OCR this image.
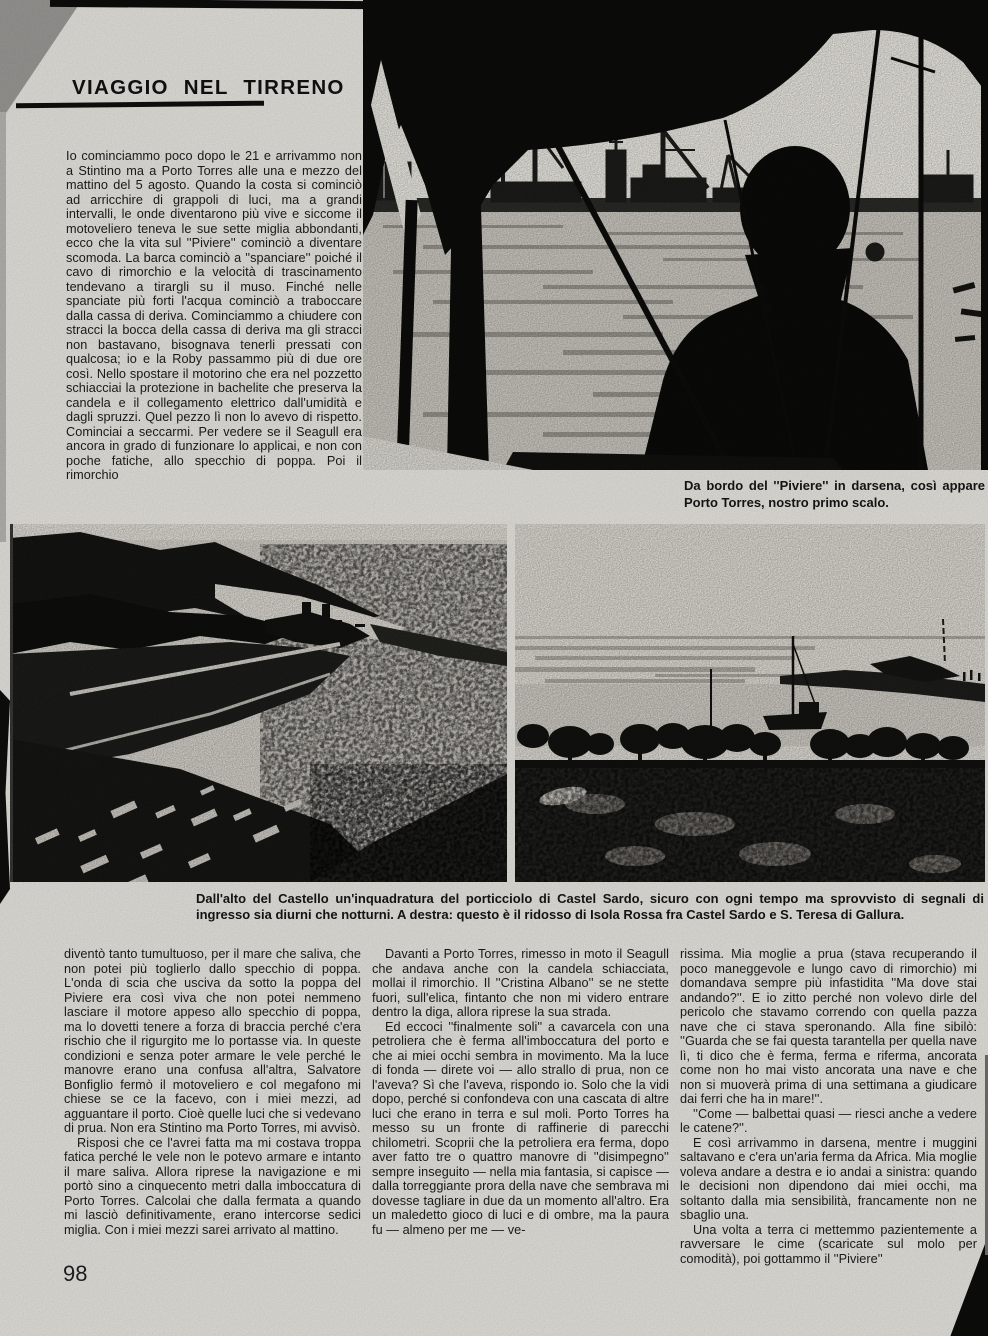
VIAGGIO NEL TIRRENO

Io cominciammo poco dopo le 21 e arrivammo non a Stintino ma a Porto Torres alle una e mezzo del mattino del 5 agosto. Quando la costa si cominciò ad arricchire di grappoli di luci, ma a grandi intervalli, le onde diventarono più vive e siccome il motoveliero teneva le sue sette miglia abbondanti, ecco che la vita sul ''Piviere'' cominciò a diventare scomoda. La barca cominciò a ''spanciare'' poiché il cavo di rimorchio e la velocità di trascinamento tendevano a tirargli su il muso. Finché nelle spanciate più forti l'acqua cominciò a traboccare dalla cassa di deriva. Cominciammo a chiudere con stracci la bocca della cassa di deriva ma gli stracci non bastavano, bisognava tenerli pressati con qualcosa; io e la Roby passammo più di due ore così. Nello spostare il motorino che era nel pozzetto schiacciai la protezione in bachelite che preserva la candela e il collegamento elettrico dall'umidità e dagli spruzzi. Quel pezzo lì non lo avevo di rispetto. Cominciai a seccarmi. Per vedere se il Seagull era ancora in grado di funzionare lo applicai, e non con poche fatiche, allo specchio di poppa. Poi il rimorchio

Da bordo del ''Piviere'' in darsena, così appare Porto Torres, nostro primo scalo.
Dall'alto del Castello un'inquadratura del porticciolo di Castel Sardo, sicuro con ogni tempo ma sprovvisto di segnali di ingresso sia diurni che notturni. A destra: questo è il ridosso di Isola Rossa fra Castel Sardo e S. Teresa di Gallura.

diventò tanto tumultuoso, per il mare che saliva, che non potei più toglierlo dallo specchio di poppa. L'onda di scia che usciva da sotto la poppa del Piviere era così viva che non potei nemmeno lasciare il motore appeso allo specchio di poppa, ma lo dovetti tenere a forza di braccia perché c'era rischio che il rigurgito me lo portasse via. In queste condizioni e senza poter armare le vele perché le manovre erano una confusa all'altra, Salvatore Bonfiglio fermò il motoveliero e col megafono mi chiese se ce la facevo, con i miei mezzi, ad agguantare il porto. Cioè quelle luci che si vedevano di prua. Non era Stintino ma Porto Torres, mi avvisò.

Risposi che ce l'avrei fatta ma mi costava troppa fatica perché le vele non le potevo armare e intanto il mare saliva. Allora riprese la navigazione e mi portò sino a cinquecento metri dalla imboccatura di Porto Torres. Calcolai che dalla fermata a quando mi lasciò definitivamente, erano intercorse sedici miglia. Con i miei mezzi sarei arrivato al mattino.

Davanti a Porto Torres, rimesso in moto il Seagull che andava anche con la candela schiacciata, mollai il rimorchio. Il ''Cristina Albano'' se ne stette fuori, sull'elica, fintanto che non mi videro entrare dentro la diga, allora riprese la sua strada.

Ed eccoci ''finalmente soli'' a cavarcela con una petroliera che è ferma all'imboccatura del porto e che ai miei occhi sembra in movimento. Ma la luce di fonda — direte voi — allo strallo di prua, non ce l'aveva? Sì che l'aveva, rispondo io. Solo che la vidi dopo, perché si confondeva con una cascata di altre luci che erano in terra e sul moli. Porto Torres ha messo su un fronte di raffinerie di parecchi chilometri. Scoprii che la petroliera era ferma, dopo aver fatto tre o quattro manovre di ''disimpegno'' sempre inseguito — nella mia fantasia, si capisce — dalla torreggiante prora della nave che sembrava mi dovesse tagliare in due da un momento all'altro. Era un maledetto gioco di luci e di ombre, ma la paura fu — almeno per me — ve-

rissima. Mia moglie a prua (stava recuperando il poco maneggevole e lungo cavo di rimorchio) mi domandava sempre più infastidita ''Ma dove stai andando?''. E io zitto perché non volevo dirle del pericolo che stavamo correndo con quella pazza nave che ci stava speronando. Alla fine sibilò: ''Guarda che se fai questa tarantella per quella nave lì, ti dico che è ferma, ferma e riferma, ancorata come non ho mai visto ancorata una nave e che non si muoverà prima di una settimana a giudicare dai ferri che ha in mare!''.

''Come — balbettai quasi — riesci anche a vedere le catene?''.

E così arrivammo in darsena, mentre i muggini saltavano e c'era un'aria ferma da Africa. Mia moglie voleva andare a destra e io andai a sinistra: quando le decisioni non dipendono dai miei occhi, ma soltanto dalla mia sensibilità, francamente non ne sbaglio una.

Una volta a terra ci mettemmo pazientemente a ravversare le cime (scaricate sul molo per comodità), poi gottammo il ''Piviere''

98
